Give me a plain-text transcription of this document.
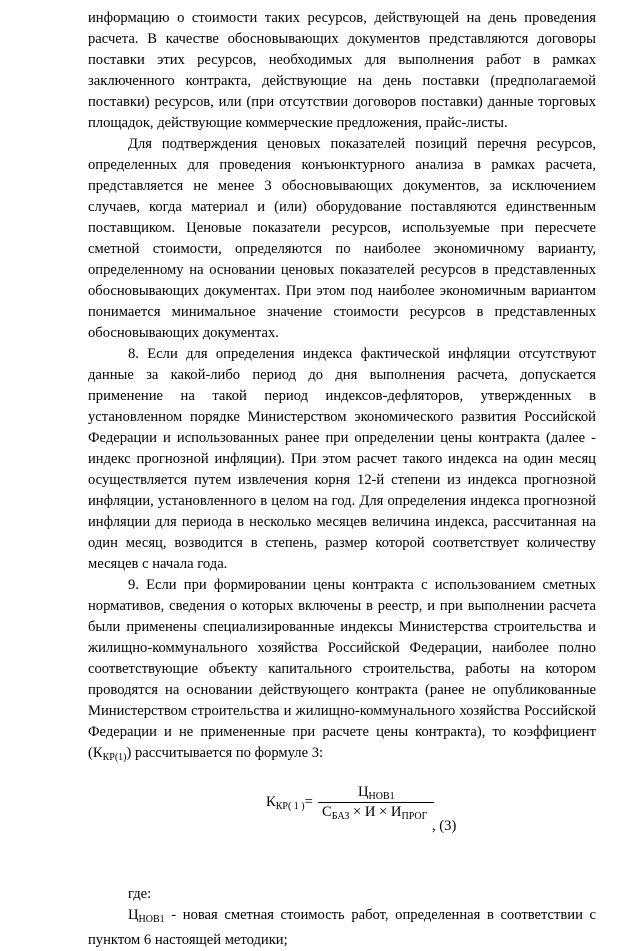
информацию о стоимости таких ресурсов, действующей на день проведения расчета. В качестве обосновывающих документов представляются договоры поставки этих ресурсов, необходимых для выполнения работ в рамках заключенного контракта, действующие на день поставки (предполагаемой поставки) ресурсов, или (при отсутствии договоров поставки) данные торговых площадок, действующие коммерческие предложения, прайс-листы.

Для подтверждения ценовых показателей позиций перечня ресурсов, определенных для проведения конъюнктурного анализа в рамках расчета, представляется не менее 3 обосновывающих документов, за исключением случаев, когда материал и (или) оборудование поставляются единственным поставщиком. Ценовые показатели ресурсов, используемые при пересчете сметной стоимости, определяются по наиболее экономичному варианту, определенному на основании ценовых показателей ресурсов в представленных обосновывающих документах. При этом под наиболее экономичным вариантом понимается минимальное значение стоимости ресурсов в представленных обосновывающих документах.

8. Если для определения индекса фактической инфляции отсутствуют данные за какой-либо период до дня выполнения расчета, допускается применение на такой период индексов-дефляторов, утвержденных в установленном порядке Министерством экономического развития Российской Федерации и использованных ранее при определении цены контракта (далее - индекс прогнозной инфляции). При этом расчет такого индекса на один месяц осуществляется путем извлечения корня 12-й степени из индекса прогнозной инфляции, установленного в целом на год. Для определения индекса прогнозной инфляции для периода в несколько месяцев величина индекса, рассчитанная на один месяц, возводится в степень, размер которой соответствует количеству месяцев с начала года.

9. Если при формировании цены контракта с использованием сметных нормативов, сведения о которых включены в реестр, и при выполнении расчета были применены специализированные индексы Министерства строительства и жилищно-коммунального хозяйства Российской Федерации, наиболее полно соответствующие объекту капитального строительства, работы на котором проводятся на основании действующего контракта (ранее не опубликованные Министерством строительства и жилищно-коммунального хозяйства Российской Федерации и не примененные при расчете цены контракта), то коэффициент $(К_{КР(1)})$ рассчитывается по формуле 3:

$К_{КР( 1 )}=$
$Ц_{НОВ1}$
$С_{БАЗ} \times И \times И_{ПРОГ}$
, (3)

где:

$Ц_{НОВ1}$ - новая сметная стоимость работ, определенная в соответствии с пунктом 6 настоящей методики;
